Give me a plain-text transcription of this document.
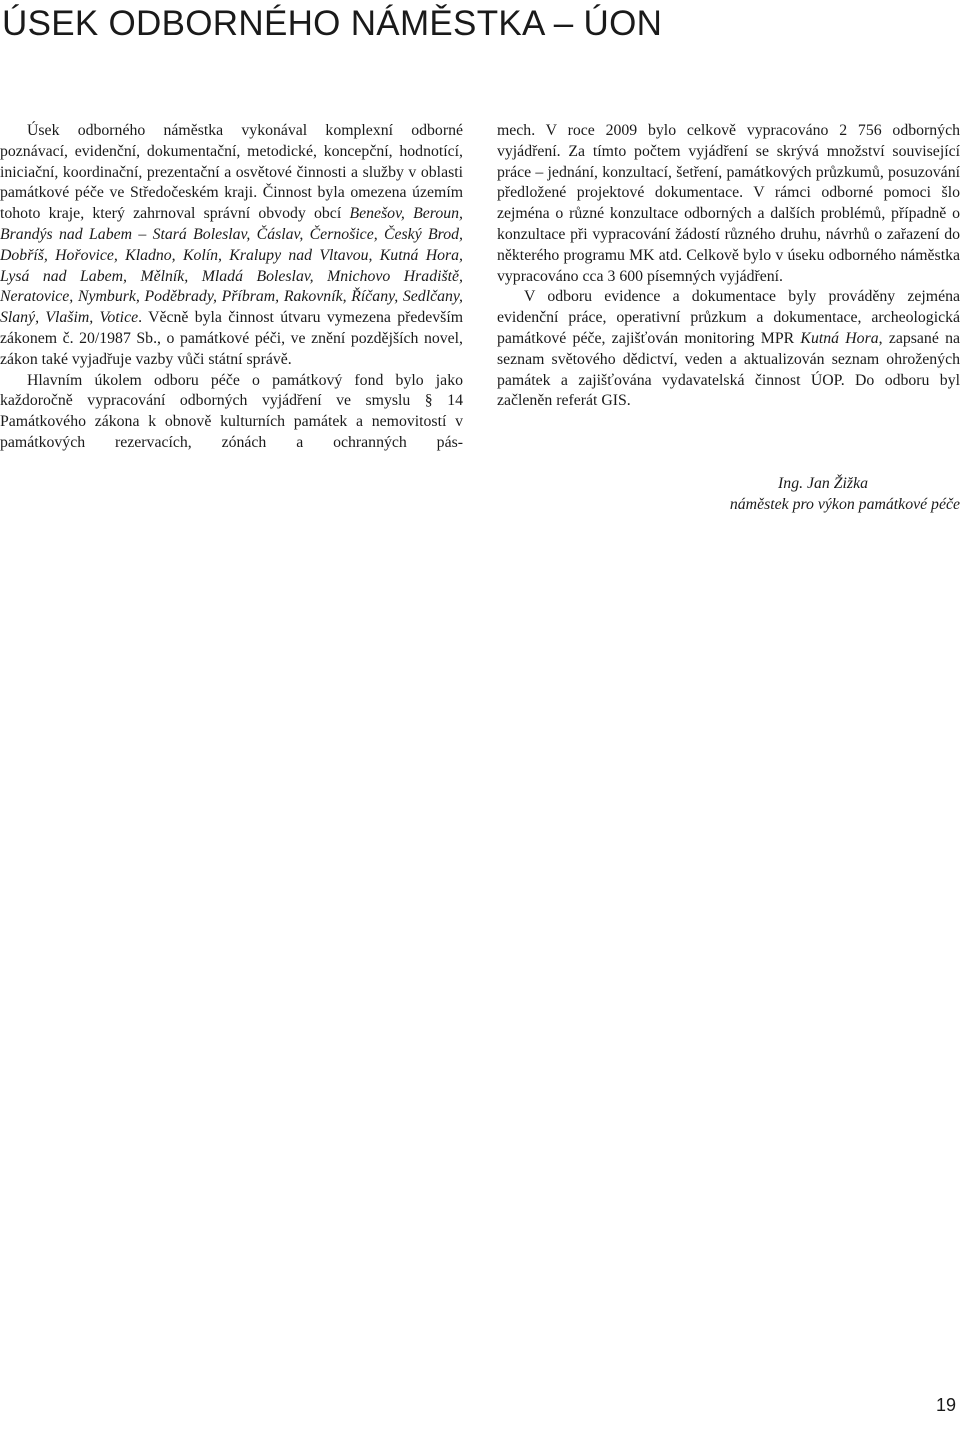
ÚSEK ODBORNÉHO NÁMĚSTKA – ÚON

Úsek odborného náměstka vykonával komplexní odborné poznávací, evidenční, dokumentační, metodické, koncepční, hodnotící, iniciační, koordinační, prezentační a osvětové činnosti a služby v oblasti památkové péče ve Středočeském kraji. Činnost byla omezena územím tohoto kraje, který zahrnoval správní obvody obcí Benešov, Beroun, Brandýs nad Labem – Stará Boleslav, Čáslav, Černošice, Český Brod, Dobříš, Hořovice, Kladno, Kolín, Kralupy nad Vltavou, Kutná Hora, Lysá nad Labem, Mělník, Mladá Boleslav, Mnichovo Hradiště, Neratovice, Nymburk, Poděbrady, Příbram, Rakovník, Říčany, Sedlčany, Slaný, Vlašim, Votice. Věcně byla činnost útvaru vymezena především zákonem č. 20/1987 Sb., o památkové péči, ve znění pozdějších novel, zákon také vyjadřuje vazby vůči státní správě.

Hlavním úkolem odboru péče o památkový fond bylo jako každoročně vypracování odborných vyjádření ve smyslu § 14 Památkového zákona k obnově kulturních památek a nemovitostí v památkových rezervacích, zónách a ochranných pás-

mech. V roce 2009 bylo celkově vypracováno 2 756 odborných vyjádření. Za tímto počtem vyjádření se skrývá množství související práce – jednání, konzultací, šetření, památkových průzkumů, posuzování předložené projektové dokumentace. V rámci odborné pomoci šlo zejména o různé konzultace odborných a dalších problémů, případně o konzultace při vypracování žádostí různého druhu, návrhů o zařazení do některého programu MK atd. Celkově bylo v úseku odborného náměstka vypracováno cca 3 600 písemných vyjádření.

V odboru evidence a dokumentace byly prováděny zejména evidenční práce, operativní průzkum a dokumentace, archeologická památkové péče, zajišťován monitoring MPR Kutná Hora, zapsané na seznam světového dědictví, veden a aktualizován seznam ohrožených památek a zajišťována vydavatelská činnost ÚOP. Do odboru byl začleněn referát GIS.

Ing. Jan Žižka
náměstek pro výkon památkové péče
19
